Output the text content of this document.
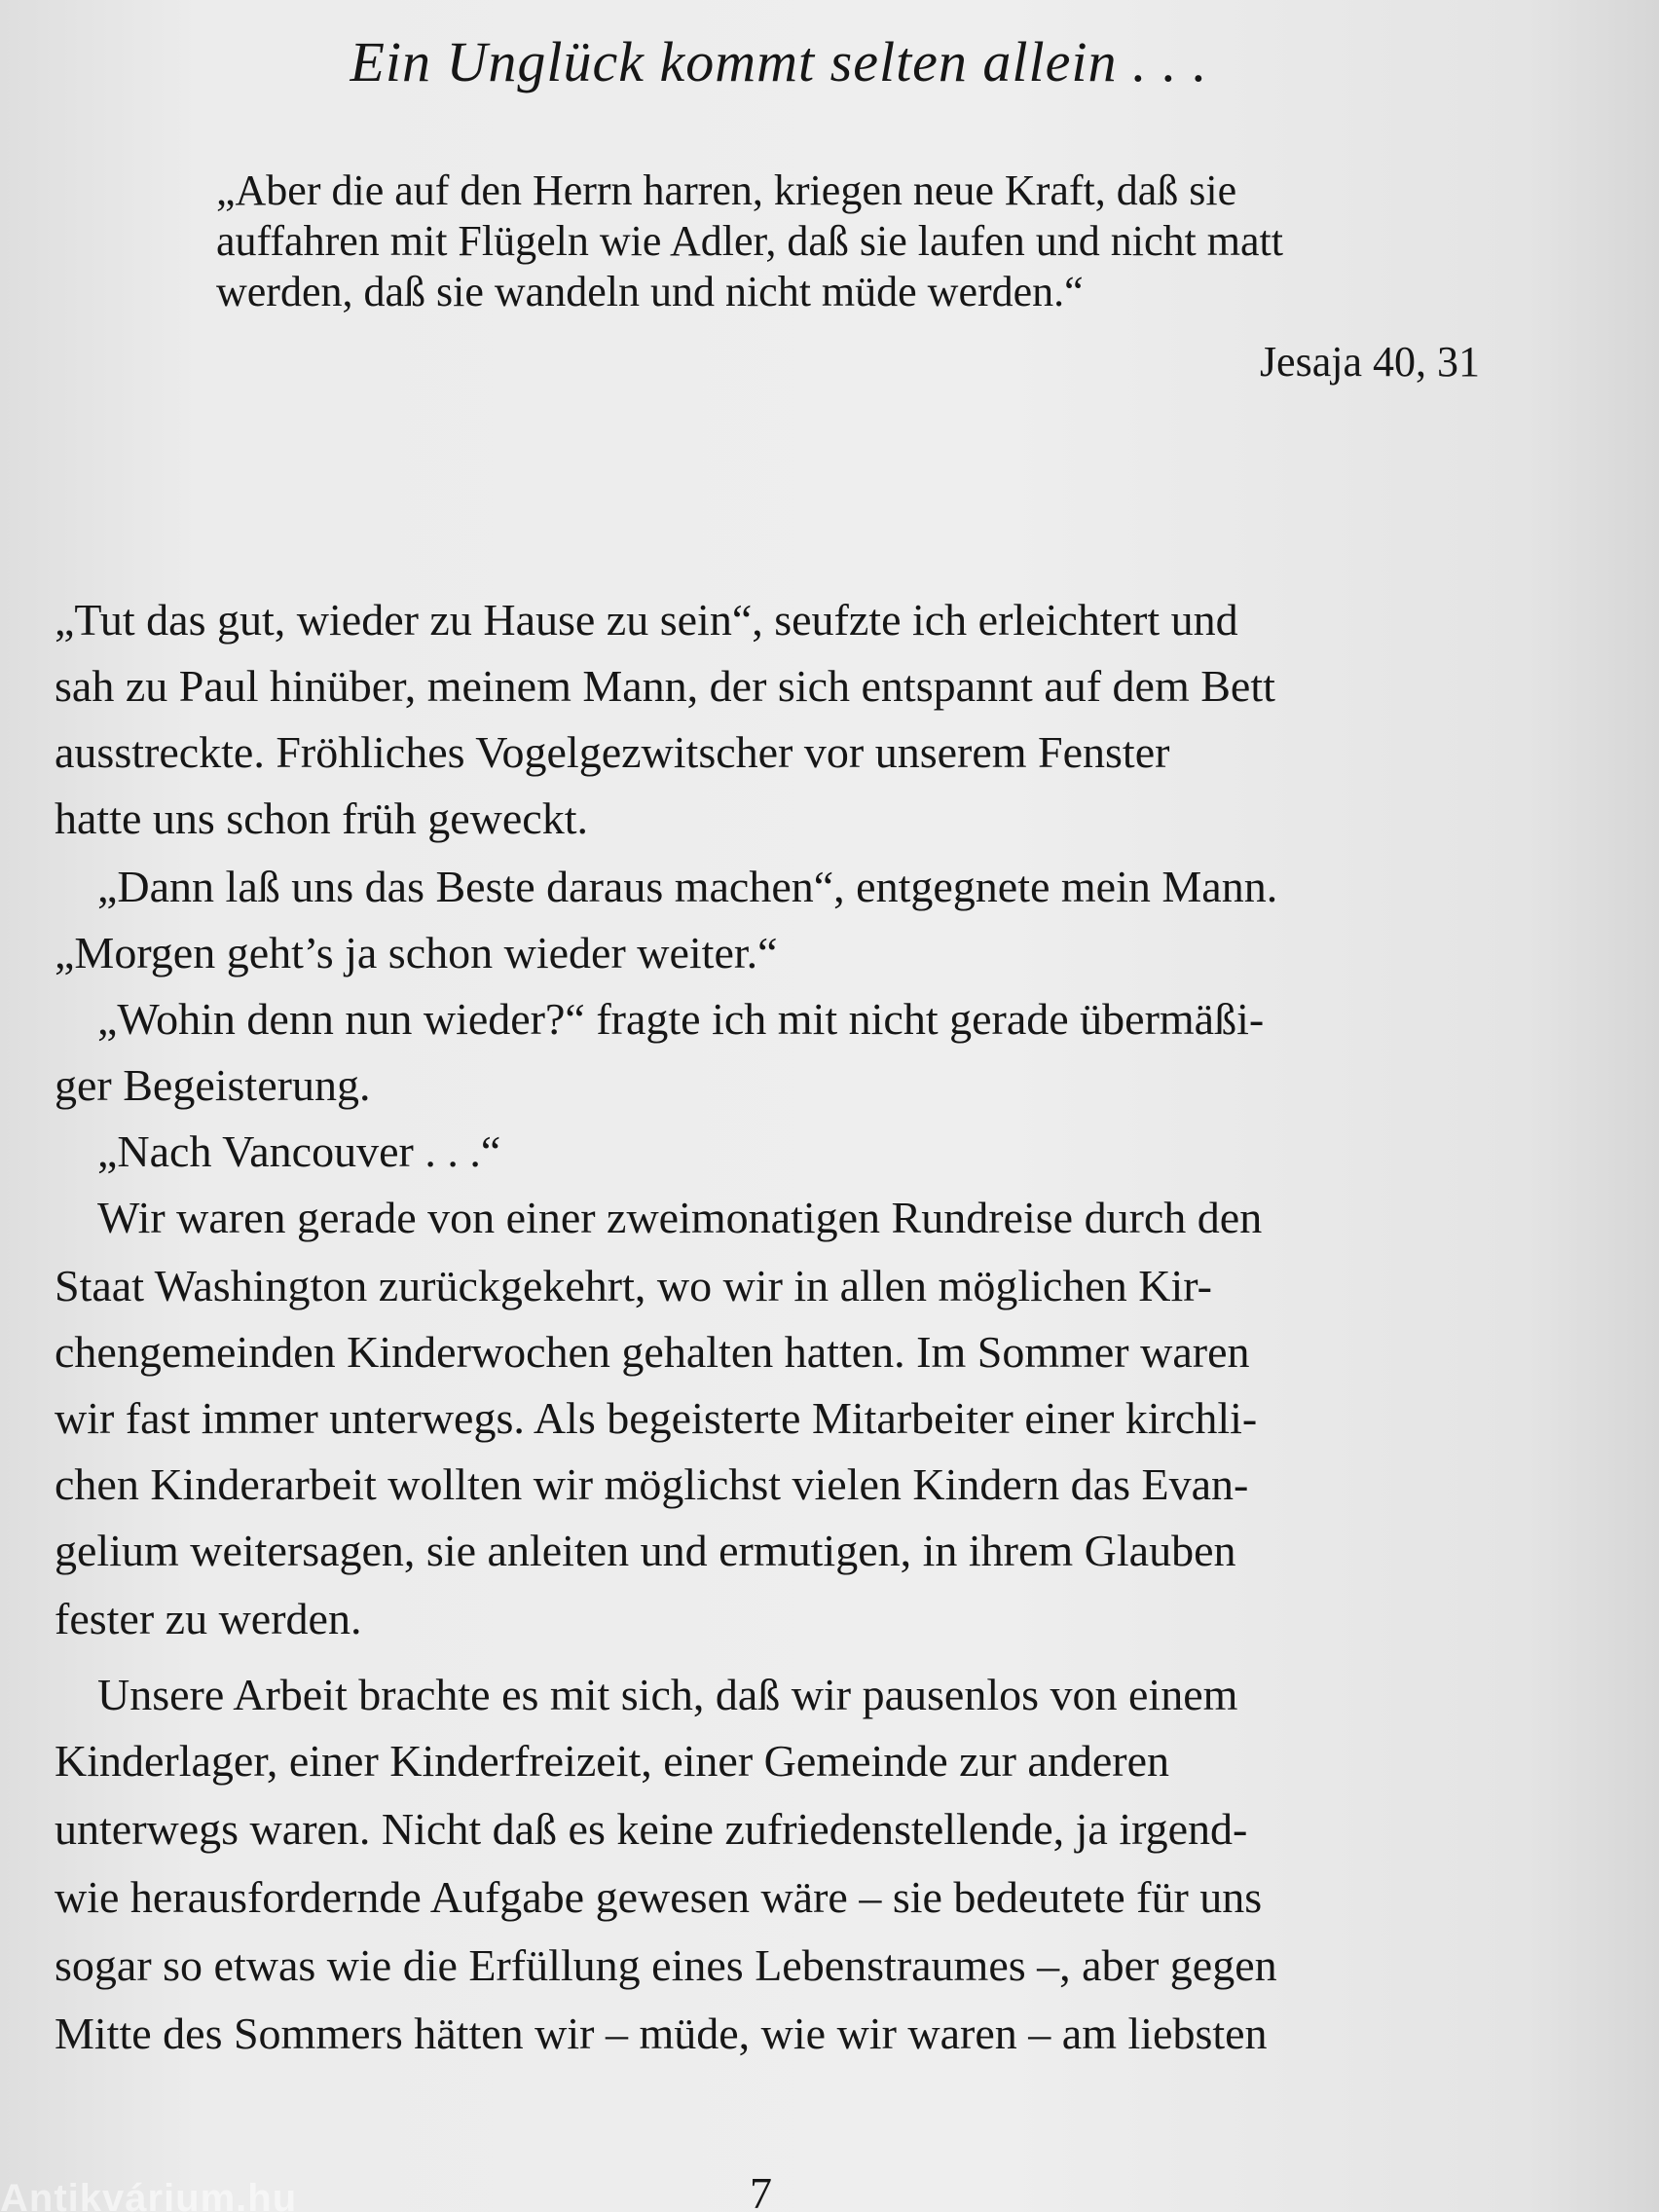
Ein Unglück kommt selten allein . . .
„Aber die auf den Herrn harren, kriegen neue Kraft, daß sie
auffahren mit Flügeln wie Adler, daß sie laufen und nicht matt
werden, daß sie wandeln und nicht müde werden.“
Jesaja 40, 31
„Tut das gut, wieder zu Hause zu sein“, seufzte ich erleichtert und
sah zu Paul hinüber, meinem Mann, der sich entspannt auf dem Bett
ausstreckte. Fröhliches Vogelgezwitscher vor unserem Fenster
hatte uns schon früh geweckt.
„Dann laß uns das Beste daraus machen“, entgegnete mein Mann.
„Morgen geht’s ja schon wieder weiter.“
„Wohin denn nun wieder?“ fragte ich mit nicht gerade übermäßi-
ger Begeisterung.
„Nach Vancouver . . .“
Wir waren gerade von einer zweimonatigen Rundreise durch den
Staat Washington zurückgekehrt, wo wir in allen möglichen Kir-
chengemeinden Kinderwochen gehalten hatten. Im Sommer waren
wir fast immer unterwegs. Als begeisterte Mitarbeiter einer kirchli-
chen Kinderarbeit wollten wir möglichst vielen Kindern das Evan-
gelium weitersagen, sie anleiten und ermutigen, in ihrem Glauben
fester zu werden.
Unsere Arbeit brachte es mit sich, daß wir pausenlos von einem
Kinderlager, einer Kinderfreizeit, einer Gemeinde zur anderen
unterwegs waren. Nicht daß es keine zufriedenstellende, ja irgend-
wie herausfordernde Aufgabe gewesen wäre – sie bedeutete für uns
sogar so etwas wie die Erfüllung eines Lebenstraumes –, aber gegen
Mitte des Sommers hätten wir – müde, wie wir waren – am liebsten
7
Antikvárium.hu
